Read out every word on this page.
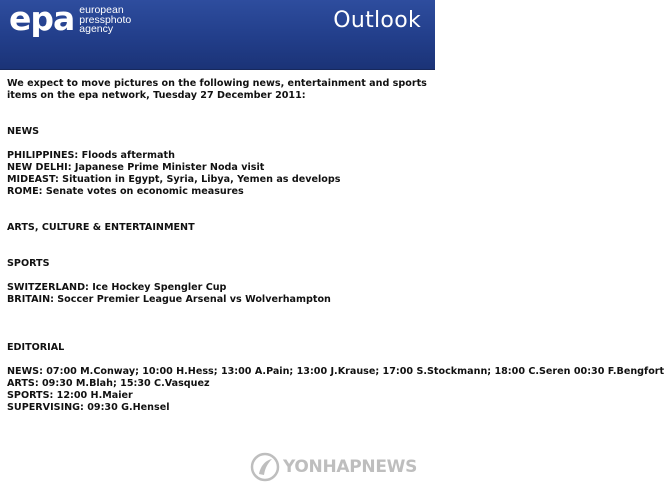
epa european
pressphoto
agency	Outlook

We expect to move pictures on the following news, entertainment and sports items on the epa network, Tuesday 27 December 2011:

NEWS

PHILIPPINES: Floods aftermath
NEW DELHI: Japanese Prime Minister Noda visit
MIDEAST: Situation in Egypt, Syria, Libya, Yemen as develops
ROME: Senate votes on economic measures

ARTS, CULTURE & ENTERTAINMENT

SPORTS

SWITZERLAND: Ice Hockey Spengler Cup
BRITAIN: Soccer Premier League Arsenal vs Wolverhampton

EDITORIAL

NEWS: 07:00 M.Conway; 10:00 H.Hess; 13:00 A.Pain; 13:00 J.Krause; 17:00 S.Stockmann; 18:00 C.Seren 00:30 F.Bengfort
ARTS: 09:30 M.Blah; 15:30 C.Vasquez
SPORTS: 12:00 H.Maier
SUPERVISING: 09:30 G.Hensel
YONHAPNEWS
